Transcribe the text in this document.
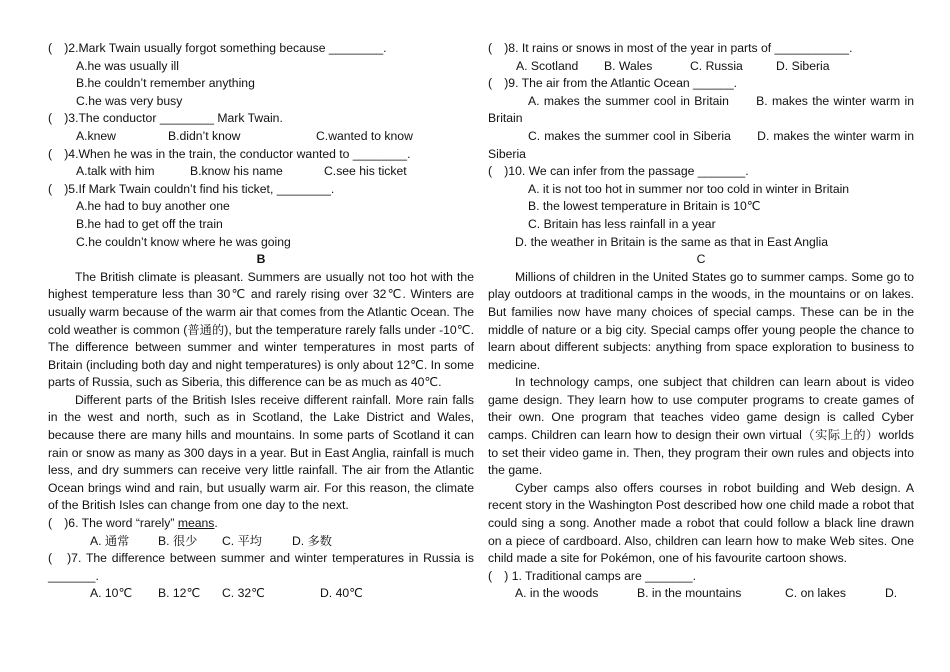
(　)2.Mark Twain usually forgot something because ________.
A.he was usually ill
B.he couldn’t remember anything
C.he was very busy
(　)3.The conductor ________ Mark Twain.
A.knew	B.didn’t know	C.wanted to know
(　)4.When he was in the train, the conductor wanted to ________.
A.talk with him	B.know his name	C.see his ticket
(　)5.If Mark Twain couldn’t find his ticket, ________.
A.he had to buy another one
B.he had to get off the train
C.he couldn’t know where he was going
B
The British climate is pleasant. Summers are usually not too hot with the highest temperature less than 30℃ and rarely rising over 32℃. Winters are usually warm because of the warm air that comes from the Atlantic Ocean. The cold weather is common (普通的), but the temperature rarely falls under -10℃. The difference between summer and winter temperatures in most parts of Britain (including both day and night temperatures) is only about 12℃. In some parts of Russia, such as Siberia, this difference can be as much as 40℃.
Different parts of the British Isles receive different rainfall. More rain falls in the west and north, such as in Scotland, the Lake District and Wales, because there are many hills and mountains. In some parts of Scotland it can rain or snow as many as 300 days in a year. But in East Anglia, rainfall is much less, and dry summers can receive very little rainfall. The air from the Atlantic Ocean brings wind and rain, but usually warm air. For this reason, the climate of the British Isles can change from one day to the next.
(　)6. The word “rarely” means.
A. 通常	B. 很少	C. 平均	D. 多数
(　)7. The difference between summer and winter temperatures in Russia is _______.
A. 10℃	B. 12℃	C. 32℃	D. 40℃
(　)8. It rains or snows in most of the year in parts of ___________.
A. Scotland	B. Wales	C. Russia	D. Siberia
(　)9. The air from the Atlantic Ocean ______.
A. makes the summer cool in Britain　　 B. makes the winter warm in Britain
C. makes the summer cool in Siberia　　 D. makes the winter warm in Siberia
(　)10. We can infer from the passage _______.
A. it is not too hot in summer nor too cold in winter in Britain
B. the lowest temperature in Britain is 10℃
C. Britain has less rainfall in a year
D. the weather in Britain is the same as that in East Anglia
C
Millions of children in the United States go to summer camps. Some go to play outdoors at traditional camps in the woods, in the mountains or on lakes. But families now have many choices of special camps. These can be in the middle of nature or a big city. Special camps offer young people the chance to learn about different subjects: anything from space exploration to business to medicine.
In technology camps, one subject that children can learn about is video game design. They learn how to use computer programs to create games of their own. One program that teaches video game design is called Cyber camps. Children can learn how to design their own virtual（实际上的）worlds to set their video game in. Then, they program their own rules and objects into the game.
Cyber camps also offers courses in robot building and Web design. A recent story in the Washington Post described how one child made a robot that could sing a song. Another made a robot that could follow a black line drawn on a piece of cardboard. Also, children can learn how to make Web sites. One child made a site for Pokémon, one of his favourite cartoon shows.
(　) 1. Traditional camps are _______.
A. in the woods	B. in the mountains	C. on lakes	D.
